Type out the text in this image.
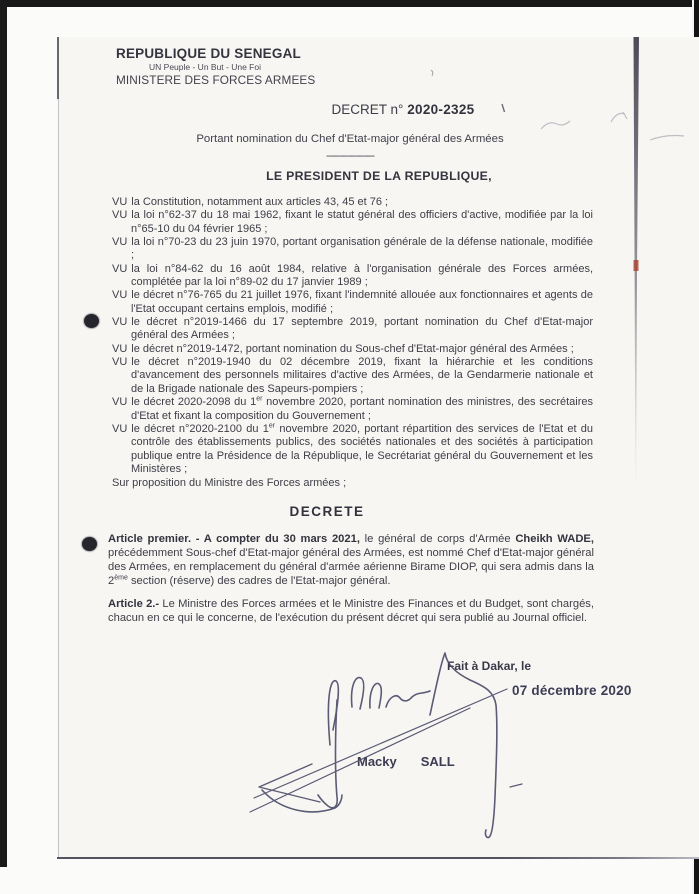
REPUBLIQUE DU SENEGAL
UN Peuple - Un But - Une Foi
MINISTERE DES FORCES ARMEES
DECRET n° 2020-2325
Portant nomination du Chef d'Etat-major général des Armées
------------------
LE PRESIDENT DE LA REPUBLIQUE,

VU la Constitution, notamment aux articles 43, 45 et 76 ;

VU la loi n°62-37 du 18 mai 1962, fixant le statut général des officiers d'active, modifiée par la loi n°65-10 du 04 février 1965 ;

VU la loi n°70-23 du 23 juin 1970, portant organisation générale de la défense nationale, modifiée ;

VU la loi n°84-62 du 16 août 1984, relative à l'organisation générale des Forces armées, complétée par la loi n°89-02 du 17 janvier 1989 ;

VU le décret n°76-765 du 21 juillet 1976, fixant l'indemnité allouée aux fonctionnaires et agents de l'Etat occupant certains emplois, modifié ;

VU le décret n°2019-1466 du 17 septembre 2019, portant nomination du Chef d'Etat-major général des Armées ;

VU le décret n°2019-1472, portant nomination du Sous-chef d'Etat-major général des Armées ;

VU le décret n°2019-1940 du 02 décembre 2019, fixant la hiérarchie et les conditions d'avancement des personnels militaires d'active des Armées, de la Gendarmerie nationale et de la Brigade nationale des Sapeurs-pompiers ;

VU le décret 2020-2098 du 1er novembre 2020, portant nomination des ministres, des secrétaires d'Etat et fixant la composition du Gouvernement ;

VU le décret n°2020-2100 du 1er novembre 2020, portant répartition des services de l'Etat et du contrôle des établissements publics, des sociétés nationales et des sociétés à participation publique entre la Présidence de la République, le Secrétariat général du Gouvernement et les Ministères ;

Sur proposition du Ministre des Forces armées ;
DECRETE

Article premier. - A compter du 30 mars 2021, le général de corps d'Armée Cheikh WADE, précédemment Sous-chef d'Etat-major général des Armées, est nommé Chef d'Etat-major général des Armées, en remplacement du général d'armée aérienne Birame DIOP, qui sera admis dans la 2ème section (réserve) des cadres de l'Etat-major général.

Article 2.- Le Ministre des Forces armées et le Ministre des Finances et du Budget, sont chargés, chacun en ce qui le concerne, de l'exécution du présent décret qui sera publié au Journal officiel.

Fait à Dakar, le
07 décembre 2020
Macky SALL
